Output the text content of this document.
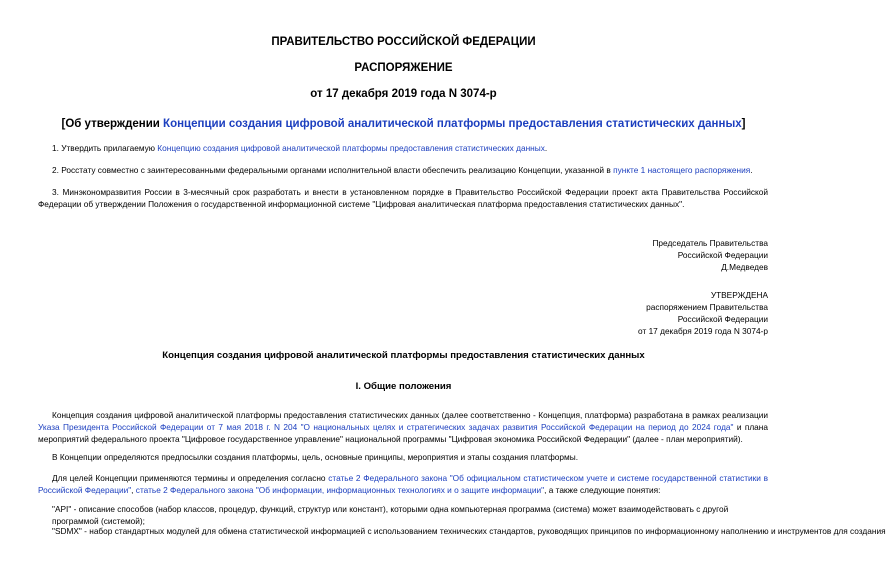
ПРАВИТЕЛЬСТВО РОССИЙСКОЙ ФЕДЕРАЦИИ
РАСПОРЯЖЕНИЕ
от 17 декабря 2019 года N 3074-р
[Об утверждении Концепции создания цифровой аналитической платформы предоставления статистических данных]
1. Утвердить прилагаемую Концепцию создания цифровой аналитической платформы предоставления статистических данных.
2. Росстату совместно с заинтересованными федеральными органами исполнительной власти обеспечить реализацию Концепции, указанной в пункте 1 настоящего распоряжения.
3. Минэкономразвития России в 3-месячный срок разработать и внести в установленном порядке в Правительство Российской Федерации проект акта Правительства Российской Федерации об утверждении Положения о государственной информационной системе "Цифровая аналитическая платформа предоставления статистических данных".
Председатель Правительства
Российской Федерации
Д.Медведев
УТВЕРЖДЕНА
распоряжением Правительства
Российской Федерации
от 17 декабря 2019 года N 3074-р
Концепция создания цифровой аналитической платформы предоставления статистических данных
I. Общие положения
Концепция создания цифровой аналитической платформы предоставления статистических данных (далее соответственно - Концепция, платформа) разработана в рамках реализации Указа Президента Российской Федерации от 7 мая 2018 г. N 204 "О национальных целях и стратегических задачах развития Российской Федерации на период до 2024 года" и плана мероприятий федерального проекта "Цифровое государственное управление" национальной программы "Цифровая экономика Российской Федерации" (далее - план мероприятий).
В Концепции определяются предпосылки создания платформы, цель, основные принципы, мероприятия и этапы создания платформы.
Для целей Концепции применяются термины и определения согласно статье 2 Федерального закона "Об официальном статистическом учете и системе государственной статистики в Российской Федерации", статье 2 Федерального закона "Об информации, информационных технологиях и о защите информации", а также следующие понятия:
"API" - описание способов (набор классов, процедур, функций, структур или констант), которыми одна компьютерная программа (система) может взаимодействовать с другой программой (системой);
"SDMX" - набор стандартных модулей для обмена статистической информацией с использованием технических стандартов, руководящих принципов по информационному наполнению и инструментов для создания
